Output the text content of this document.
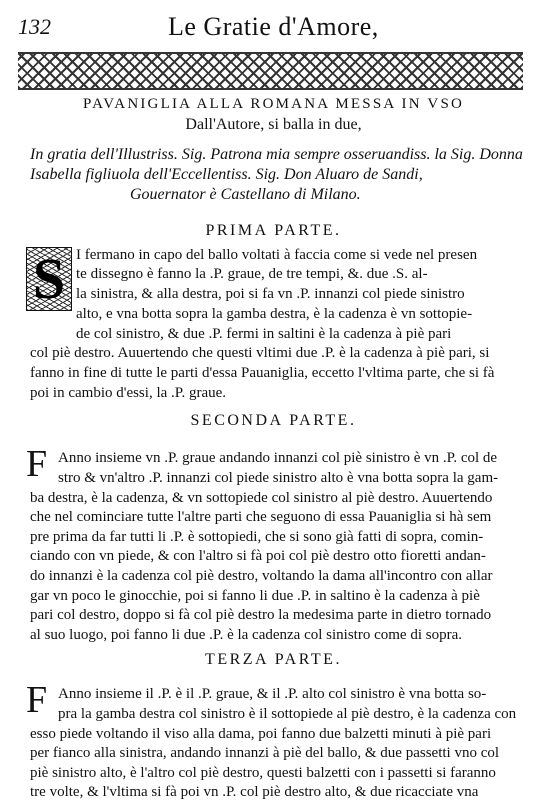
132	Le Gratie d'Amore,
PAVANIGLIA ALLA ROMANA MESSA IN VSO
Dall'Autore, si balla in due,
In gratia dell'Illustriss. Sig. Patrona mia sempre osseruandiss. la Sig. Donna
Isabella figliuola dell'Eccellentiss. Sig. Don Aluaro de Sandi,
Gouernator è Castellano di Milano.
PRIMA PARTE.
S I fermano in capo del ballo voltati à faccia come si vede nel presen
te dissegno è fanno la .P. graue, de tre tempi, &. due .S. al-
la sinistra, & alla destra, poi si fa vn .P. innanzi col piede sinistro
alto, e vna botta sopra la gamba destra, è la cadenza è vn sottopie-
de col sinistro, & due .P. fermi in saltini è la cadenza à piè pari
col piè destro. Auuertendo che questi vltimi due .P. è la cadenza à piè pari, si
fanno in fine di tutte le parti d'essa Pauaniglia, eccetto l'vltima parte, che si fà
poi in cambio d'essi, la .P. graue.
SECONDA PARTE.
F Anno insieme vn .P. graue andando innanzi col piè sinistro è vn .P. col de
stro & vn'altro .P. innanzi col piede sinistro alto è vna botta sopra la gam-
ba destra, è la cadenza, & vn sottopiede col sinistro al piè destro. Auuertendo
che nel cominciare tutte l'altre parti che seguono di essa Pauaniglia si hà sem
pre prima da far tutti li .P. è sottopiedi, che si sono già fatti di sopra, comin-
ciando con vn piede, & con l'altro si fà poi col piè destro otto fioretti andan-
do innanzi è la cadenza col piè destro, voltando la dama all'incontro con allar
gar vn poco le ginocchie, poi si fanno li due .P. in saltino è la cadenza à piè
pari col destro, doppo si fà col piè destro la medesima parte in dietro tornado
al suo luogo, poi fanno li due .P. è la cadenza col sinistro come di sopra.
TERZA PARTE.
F Anno insieme il .P. è il .P. graue, & il .P. alto col sinistro è vna botta so-
pra la gamba destra col sinistro è il sottopiede al piè destro, è la cadenza con
esso piede voltando il viso alla dama, poi fanno due balzetti minuti à piè pari
per fianco alla sinistra, andando innanzi à piè del ballo, & due passetti vno col
piè sinistro alto, è l'altro col piè destro, questi balzetti con i passetti si faranno
tre volte, & l'vltima si fà poi vn .P. col piè destro alto, & due ricacciate vna
